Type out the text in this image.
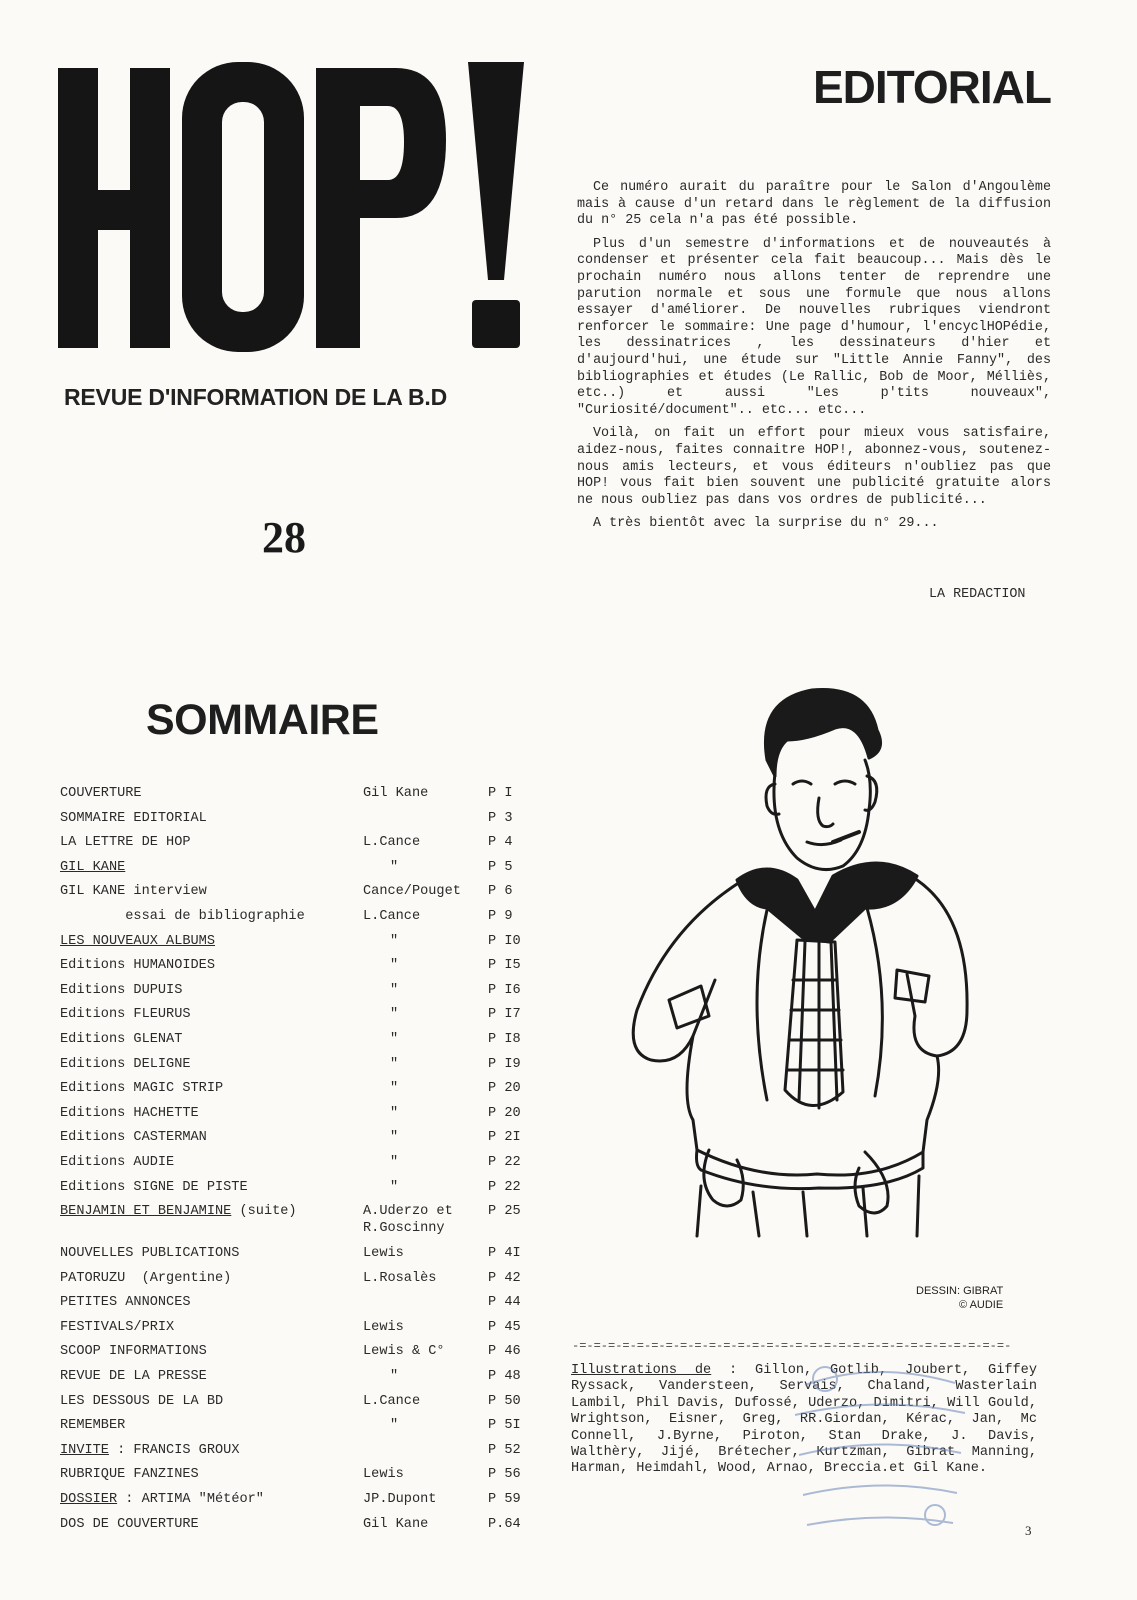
REVUE D'INFORMATION DE LA B.D
28
EDITORIAL

Ce numéro aurait du paraître pour le Salon d'Angoulème mais à cause d'un retard dans le règlement de la diffusion du n° 25 cela n'a pas été possible.

Plus d'un semestre d'informations et de nouveautés à condenser et présenter cela fait beaucoup... Mais dès le prochain numéro nous allons tenter de reprendre une parution normale et sous une formule que nous allons essayer d'améliorer. De nouvelles rubriques viendront renforcer le sommaire: Une page d'humour, l'encyclHOPédie, les dessinatrices , les dessinateurs d'hier et d'aujourd'hui, une étude sur "Little Annie Fanny", des bibliographies et études (Le Rallic, Bob de Moor, Mélliès, etc..) et aussi "Les p'tits nouveaux", "Curiosité/document".. etc... etc...

Voilà, on fait un effort pour mieux vous satisfaire, aidez-nous, faites connaitre HOP!, abonnez-vous, soutenez-nous amis lecteurs, et vous éditeurs n'oubliez pas que HOP! vous fait bien souvent une publicité gratuite alors ne nous oubliez pas dans vos ordres de publicité...

A très bientôt avec la surprise du n° 29...

LA REDACTION
SOMMAIRE
COUVERTURE	Gil Kane	P I
SOMMAIRE EDITORIAL	P 3
LA LETTRE DE HOP	L.Cance	P 4
GIL KANE	"	P 5
GIL KANE interview	Cance/Pouget P 6
essai de bibliographie	L.Cance	P 9
LES NOUVEAUX ALBUMS	"	P I0
Editions HUMANOIDES	"	P I5
Editions DUPUIS	"	P I6
Editions FLEURUS	"	P I7
Editions GLENAT	"	P I8
Editions DELIGNE	"	P I9
Editions MAGIC STRIP	"	P 20
Editions HACHETTE	"	P 20
Editions CASTERMAN	"	P 2I
Editions AUDIE	"	P 22
Editions SIGNE DE PISTE	"	P 22
BENJAMIN ET BENJAMINE (suite)	A.Uderzo et
R.Goscinny
P 25
NOUVELLES PUBLICATIONS	Lewis	P 4I
PATORUZU  (Argentine)	L.Rosalès	P 42
PETITES ANNONCES	P 44
FESTIVALS/PRIX	Lewis	P 45
SCOOP INFORMATIONS	Lewis & C°	P 46
REVUE DE LA PRESSE	"	P 48
LES DESSOUS DE LA BD	L.Cance	P 50
REMEMBER	"	P 5I
INVITE : FRANCIS GROUX	P 52
RUBRIQUE FANZINES	Lewis	P 56
DOSSIER : ARTIMA "Météor"	JP.Dupont	P 59
DOS DE COUVERTURE	Gil Kane	P.64
DESSIN: GIBRAT
© AUDIE
-=-=-=-=-=-=-=-=-=-=-=-=-=-=-=-=-=-=-=-=-=-=-=-=-=-=-=-=-=-=-
Illustrations de : Gillon, Gotlib, Joubert, Giffey Ryssack, Vandersteen, Servais, Chaland, Wasterlain Lambil, Phil Davis, Dufossé, Uderzo, Dimitri, Will Gould, Wrightson, Eisner, Greg, RR.Giordan, Kérac, Jan, Mc Connell, J.Byrne, Piroton, Stan Drake, J. Davis, Walthèry, Jijé, Brétecher, Kurtzman, Gibrat Manning, Harman, Heimdahl, Wood, Arnao, Breccia.et Gil Kane.
3
